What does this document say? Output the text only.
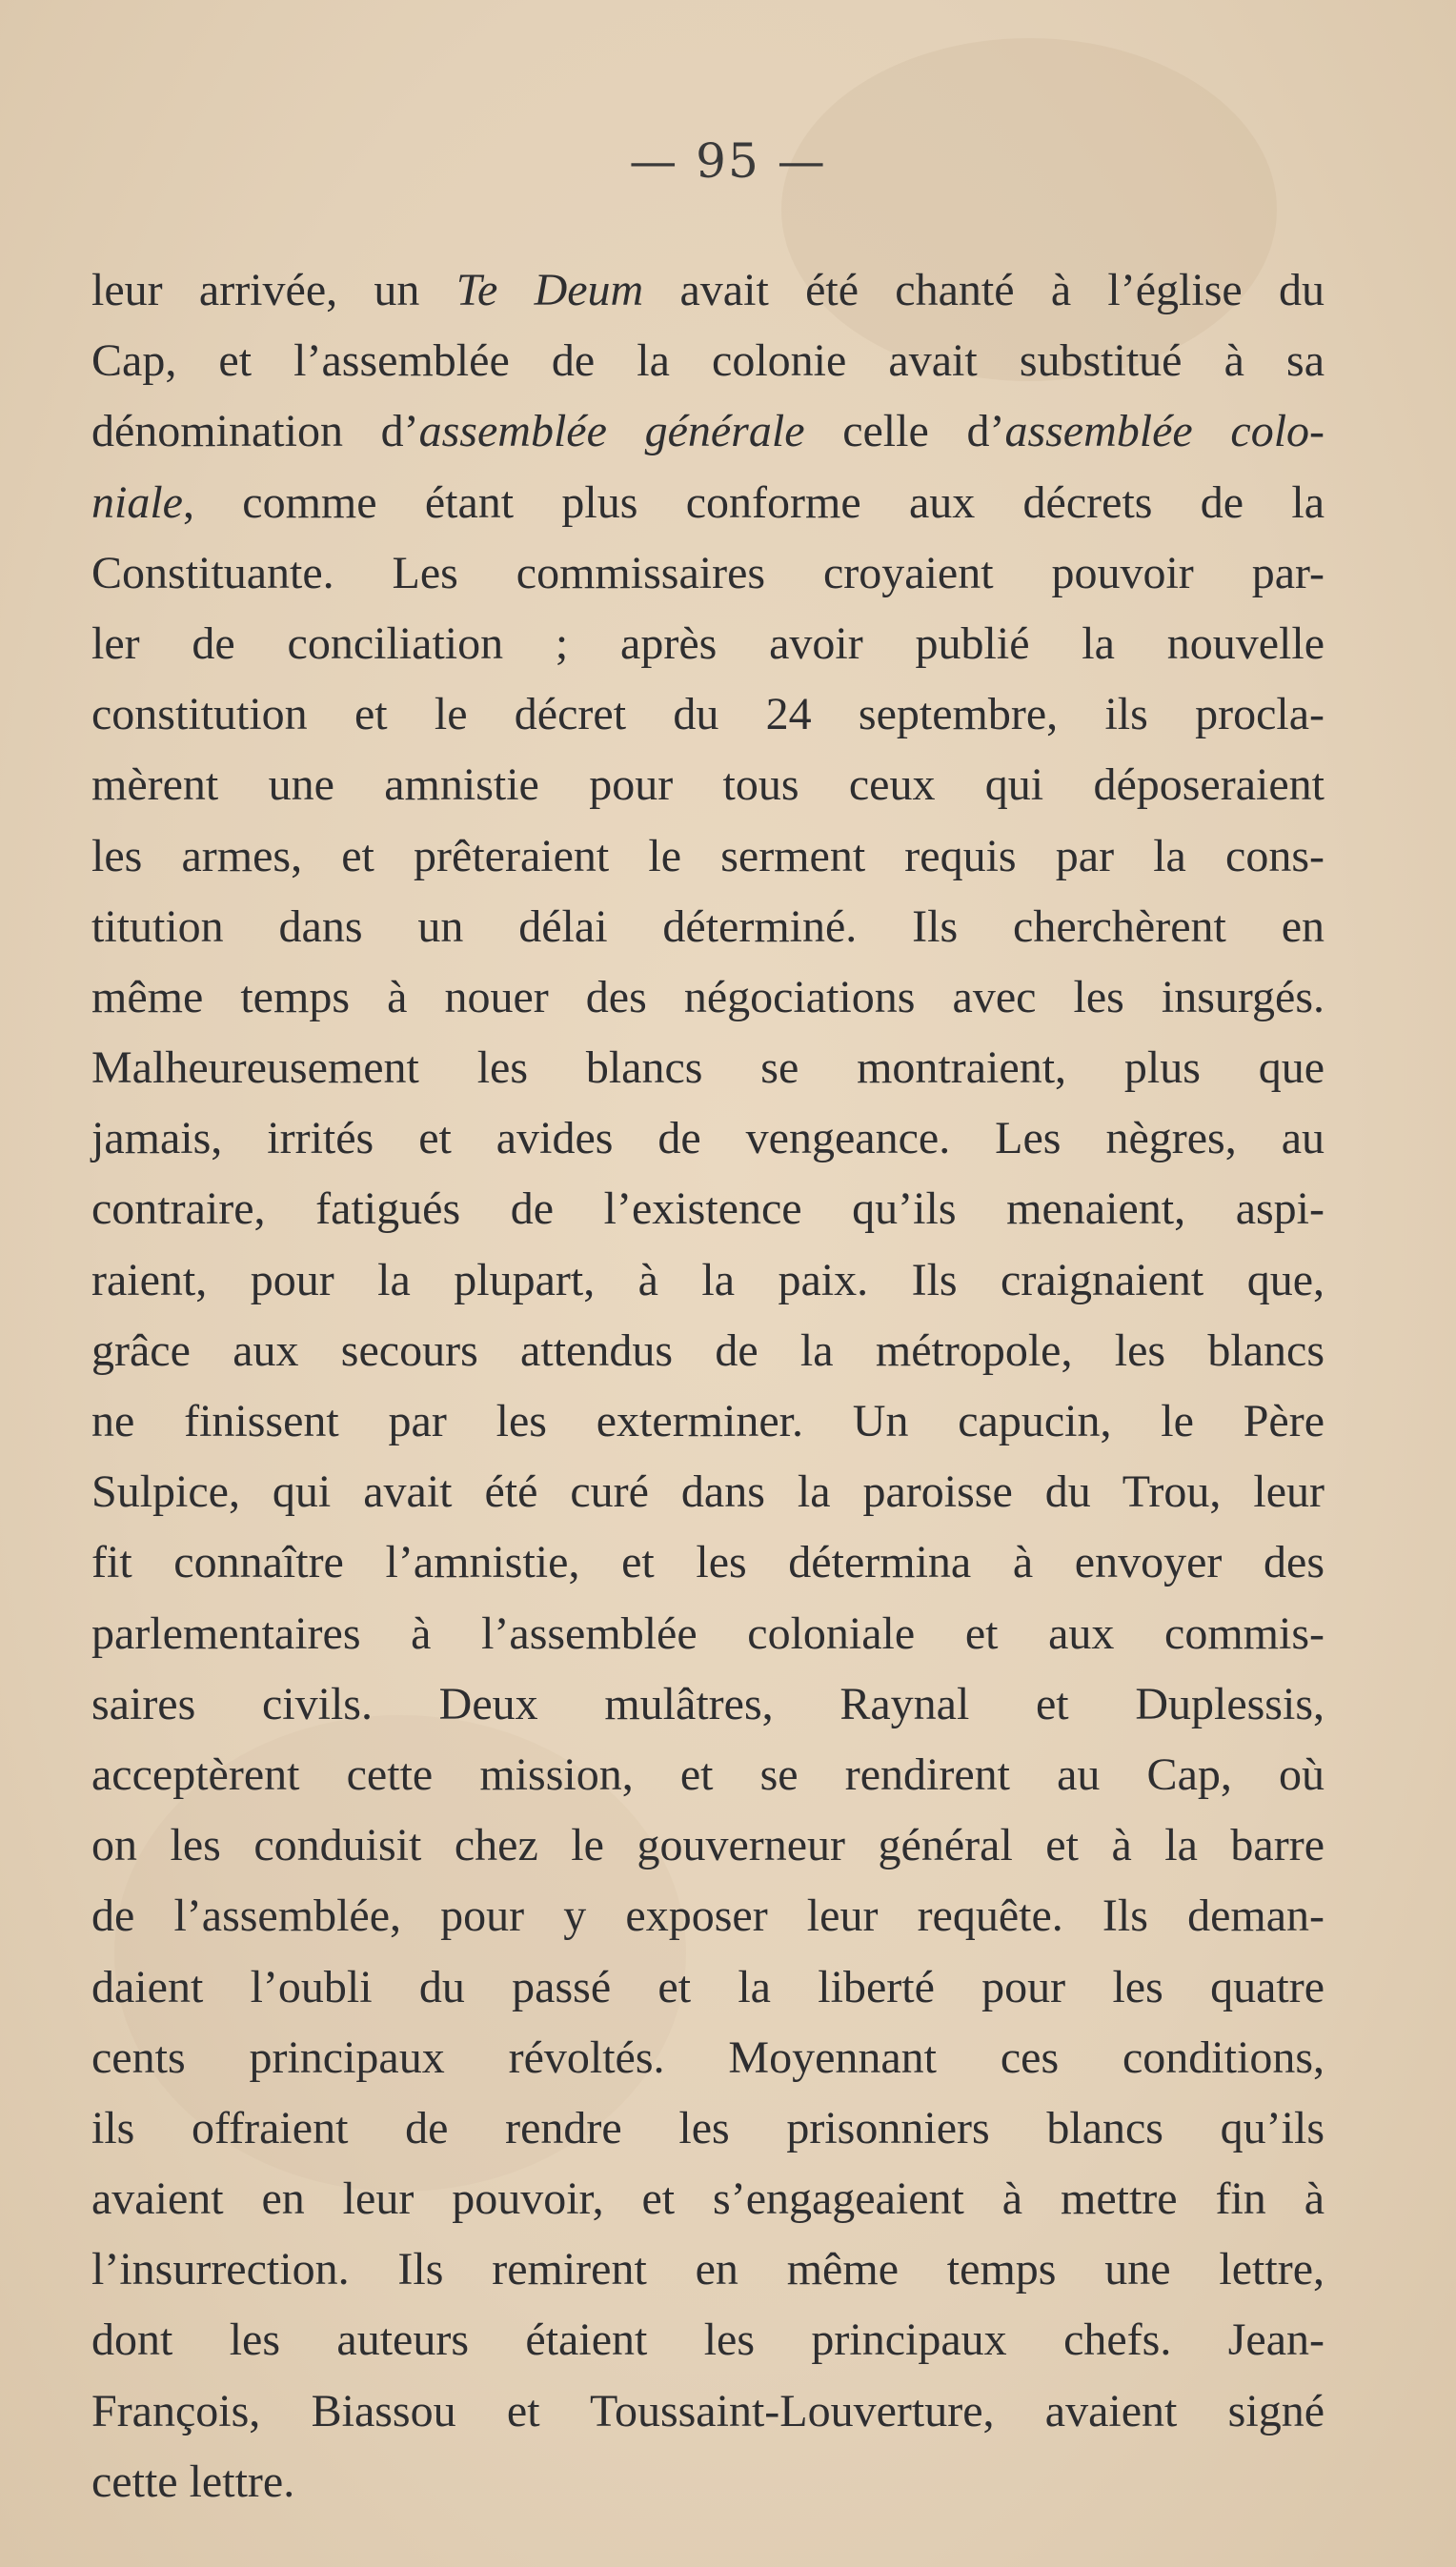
— 95 —
leur arrivée, un Te Deum avait été chanté à l’église du
Cap, et l’assemblée de la colonie avait substitué à sa
dénomination d’assemblée générale celle d’assemblée colo-
niale, comme étant plus conforme aux décrets de la
Constituante. Les commissaires croyaient pouvoir par-
ler de conciliation ; après avoir publié la nouvelle
constitution et le décret du 24 septembre, ils procla-
mèrent une amnistie pour tous ceux qui déposeraient
les armes, et prêteraient le serment requis par la cons-
titution dans un délai déterminé. Ils cherchèrent en
même temps à nouer des négociations avec les insurgés.
Malheureusement les blancs se montraient, plus que
jamais, irrités et avides de vengeance. Les nègres, au
contraire, fatigués de l’existence qu’ils menaient, aspi-
raient, pour la plupart, à la paix. Ils craignaient que,
grâce aux secours attendus de la métropole, les blancs
ne finissent par les exterminer. Un capucin, le Père
Sulpice, qui avait été curé dans la paroisse du Trou, leur
fit connaître l’amnistie, et les détermina à envoyer des
parlementaires à l’assemblée coloniale et aux commis-
saires civils. Deux mulâtres, Raynal et Duplessis,
acceptèrent cette mission, et se rendirent au Cap, où
on les conduisit chez le gouverneur général et à la barre
de l’assemblée, pour y exposer leur requête. Ils deman-
daient l’oubli du passé et la liberté pour les quatre
cents principaux révoltés. Moyennant ces conditions,
ils offraient de rendre les prisonniers blancs qu’ils
avaient en leur pouvoir, et s’engageaient à mettre fin à
l’insurrection. Ils remirent en même temps une lettre,
dont les auteurs étaient les principaux chefs. Jean-
François, Biassou et Toussaint-Louverture, avaient signé
cette lettre.
